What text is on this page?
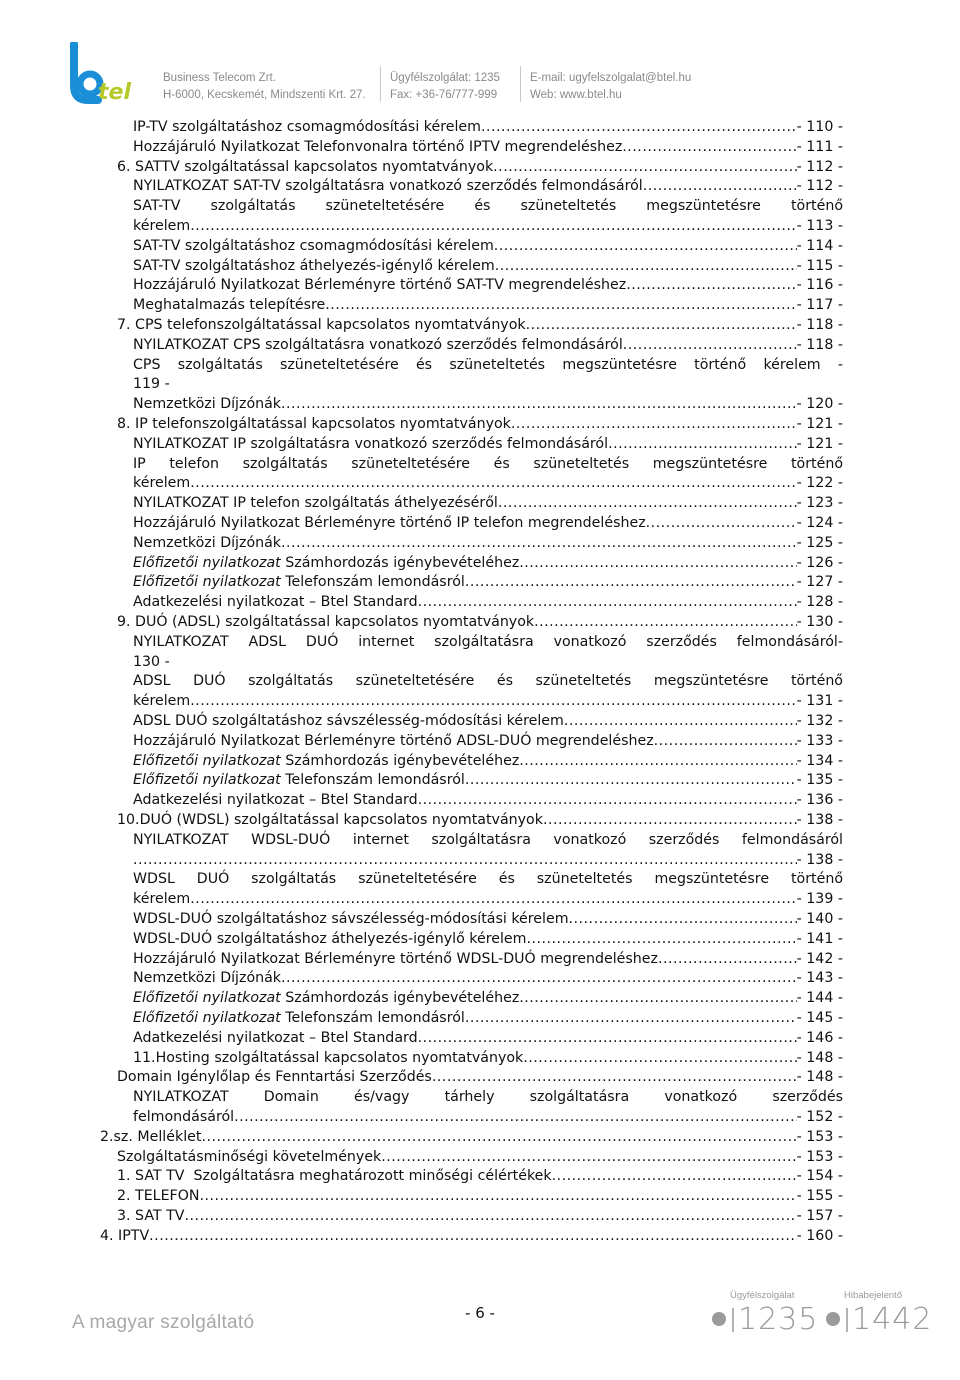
tel
Business Telecom Zrt.
H-6000, Kecskemét, Mindszenti Krt. 27.
Ügyfélszolgálat: 1235
Fax: +36-76/777-999
E-mail: ugyfelszolgalat@btel.hu
Web: www.btel.hu
IP-TV szolgáltatáshoz csomagmódosítási kérelem .....	- 110 -
Hozzájáruló Nyilatkozat Telefonvonalra történő IPTV megrendeléshez .....	- 111 -
6. SATTV szolgáltatással kapcsolatos nyomtatványok .....	- 112 -
NYILATKOZAT SAT-TV szolgáltatásra vonatkozó szerződés felmondásáról .....	- 112 -
SAT-TV szolgáltatás szüneteltetésére és szüneteltetés megszüntetésre történő
kérelem .....	- 113 -
SAT-TV szolgáltatáshoz csomagmódosítási kérelem .....	- 114 -
SAT-TV szolgáltatáshoz áthelyezés-igénylő kérelem .....	- 115 -
Hozzájáruló Nyilatkozat Bérleményre történő SAT-TV megrendeléshez .....	- 116 -
Meghatalmazás telepítésre .....	- 117 -
7. CPS telefonszolgáltatással kapcsolatos nyomtatványok .....	- 118 -
NYILATKOZAT CPS szolgáltatásra vonatkozó szerződés felmondásáról .....	- 118 -
CPS szolgáltatás szüneteltetésére és szüneteltetés megszüntetésre történő kérelem -
119 -
Nemzetközi Díjzónák .....	- 120 -
8. IP telefonszolgáltatással kapcsolatos nyomtatványok .....	- 121 -
NYILATKOZAT IP szolgáltatásra vonatkozó szerződés felmondásáról .....	- 121 -
IP telefon szolgáltatás szüneteltetésére és szüneteltetés megszüntetésre történő
kérelem .....	- 122 -
NYILATKOZAT IP telefon szolgáltatás áthelyezéséről .....	- 123 -
Hozzájáruló Nyilatkozat Bérleményre történő IP telefon megrendeléshez .....	- 124 -
Nemzetközi Díjzónák .....	- 125 -
Előfizetői nyilatkozat Számhordozás igénybevételéhez .....	- 126 -
Előfizetői nyilatkozat Telefonszám lemondásról .....	- 127 -
Adatkezelési nyilatkozat – Btel Standard .....	- 128 -
9. DUÓ (ADSL) szolgáltatással kapcsolatos nyomtatványok .....	- 130 -
NYILATKOZAT ADSL DUÓ internet szolgáltatásra vonatkozó szerződés felmondásáról-
130 -
ADSL DUÓ szolgáltatás szüneteltetésére és szüneteltetés megszüntetésre történő
kérelem .....	- 131 -
ADSL DUÓ szolgáltatáshoz sávszélesség-módosítási kérelem .....	- 132 -
Hozzájáruló Nyilatkozat Bérleményre történő ADSL-DUÓ megrendeléshez .....	- 133 -
Előfizetői nyilatkozat Számhordozás igénybevételéhez .....	- 134 -
Előfizetői nyilatkozat Telefonszám lemondásról .....	- 135 -
Adatkezelési nyilatkozat – Btel Standard .....	- 136 -
10.DUÓ (WDSL) szolgáltatással kapcsolatos nyomtatványok .....	- 138 -
NYILATKOZAT WDSL-DUÓ internet szolgáltatásra vonatkozó szerződés felmondásáról
.....
- 138 -
WDSL DUÓ szolgáltatás szüneteltetésére és szüneteltetés megszüntetésre történő
kérelem .....	- 139 -
WDSL-DUÓ szolgáltatáshoz sávszélesség-módosítási kérelem .....	- 140 -
WDSL-DUÓ szolgáltatáshoz áthelyezés-igénylő kérelem .....	- 141 -
Hozzájáruló Nyilatkozat Bérleményre történő WDSL-DUÓ megrendeléshez .....	- 142 -
Nemzetközi Díjzónák .....	- 143 -
Előfizetői nyilatkozat Számhordozás igénybevételéhez .....	- 144 -
Előfizetői nyilatkozat Telefonszám lemondásról .....	- 145 -
Adatkezelési nyilatkozat – Btel Standard .....	- 146 -
11.Hosting szolgáltatással kapcsolatos nyomtatványok .....	- 148 -
Domain Igénylőlap és Fenntartási Szerződés .....	- 148 -
NYILATKOZAT Domain és/vagy tárhely szolgáltatásra vonatkozó szerződés
felmondásáról .....	- 152 -
2.sz. Melléklet .....	- 153 -
Szolgáltatásminőségi követelmények .....	- 153 -
1. SAT TV  Szolgáltatásra meghatározott minőségi célértékek .....	- 154 -
2. TELEFON .....	- 155 -
3. SAT TV .....	- 157 -
4. IPTV .....	- 160 -
A magyar szolgáltató	- 6 -
Ügyfélszolgálat
1235
Hibabejelentő
1442
